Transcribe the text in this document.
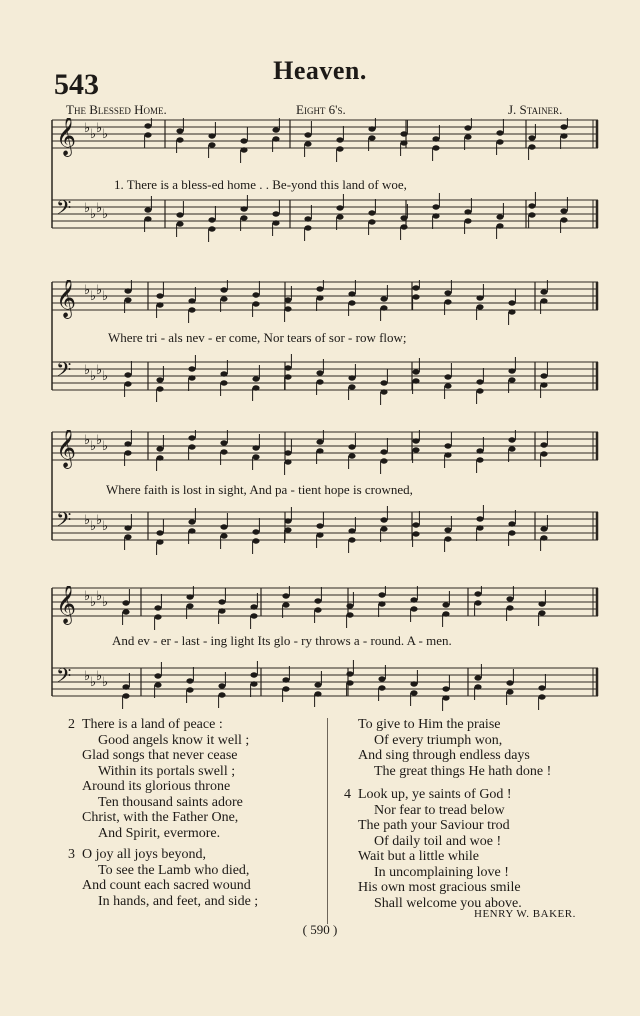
Heaven.
543
The Blessed Home.	Eight 6's.	J. Stainer.
𝄞 ♭ ♭ ♭ ♭
𝄢 ♭ ♭ ♭ ♭
1. There is a bless-ed home . . Be-yond this land of woe,
𝄞 ♭ ♭ ♭ ♭
𝄢 ♭ ♭ ♭ ♭
Where tri - als nev - er come, Nor tears of sor - row flow;
𝄞 ♭ ♭ ♭ ♭
𝄢 ♭ ♭ ♭ ♭
Where faith is lost in sight, And pa - tient hope is crowned,
𝄞 ♭ ♭ ♭ ♭
𝄢 ♭ ♭ ♭ ♭
And ev - er - last - ing light Its glo - ry throws a - round. A - men.
2 There is a land of peace :
Good angels know it well ;
Glad songs that never cease
Within its portals swell ;
Around its glorious throne
Ten thousand saints adore
Christ, with the Father One,
And Spirit, evermore.
3 O joy all joys beyond,
To see the Lamb who died,
And count each sacred wound
In hands, and feet, and side ;
To give to Him the praise
Of every triumph won,
And sing through endless days
The great things He hath done !
4 Look up, ye saints of God !
Nor fear to tread below
The path your Saviour trod
Of daily toil and woe !
Wait but a little while
In uncomplaining love !
His own most gracious smile
Shall welcome you above.
HENRY W. BAKER.
( 590 )
